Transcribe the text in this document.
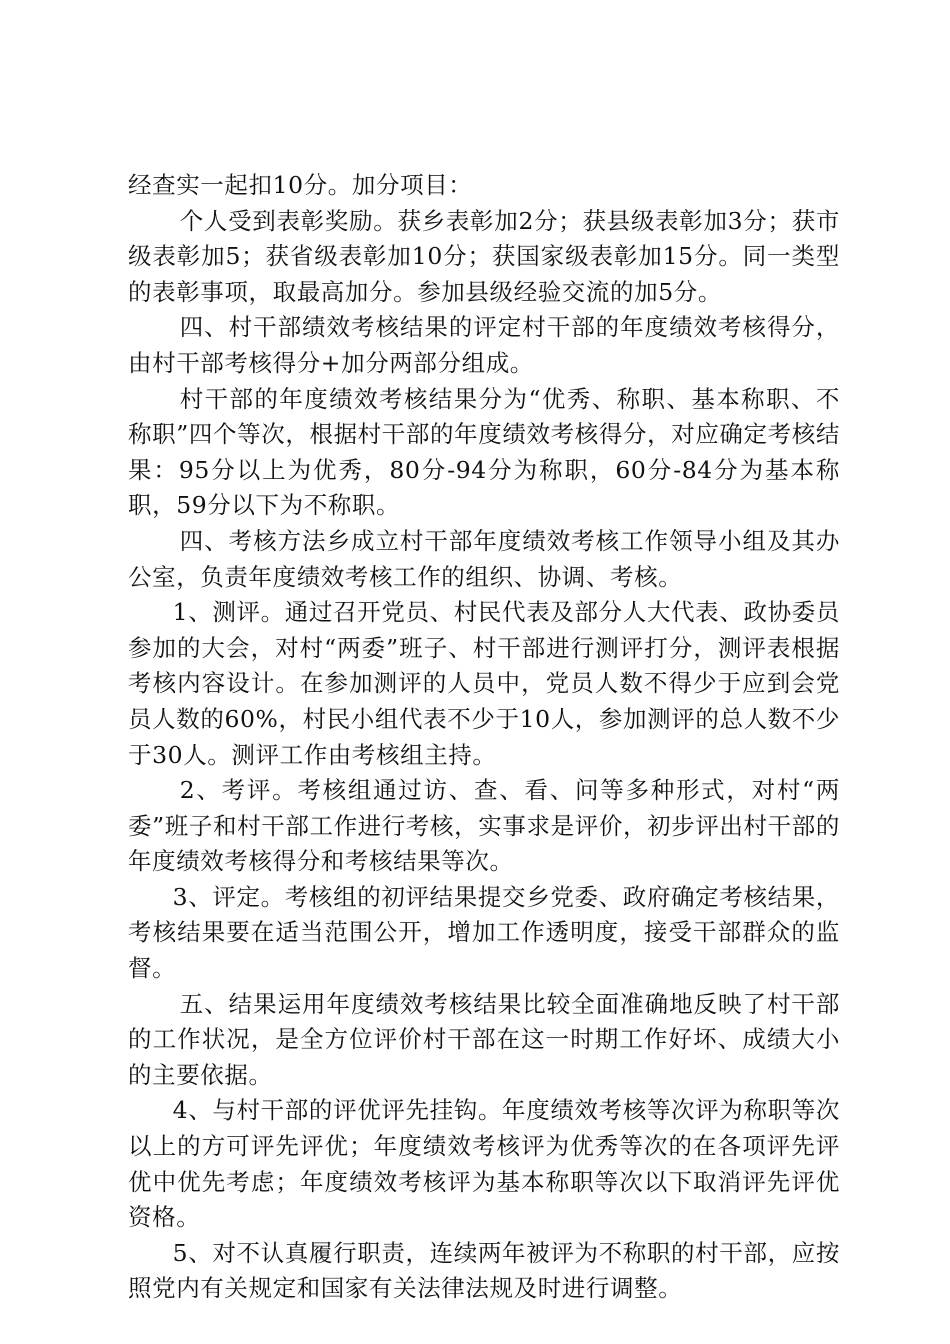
经查实一起扣10分。加分项目：

个人受到表彰奖励。获乡表彰加2分；获县级表彰加3分；获市级表彰加5；获省级表彰加10分；获国家级表彰加15分。同一类型的表彰事项，取最高加分。参加县级经验交流的加5分。

四、村干部绩效考核结果的评定村干部的年度绩效考核得分，由村干部考核得分+加分两部分组成。

村干部的年度绩效考核结果分为“优秀、称职、基本称职、不称职”四个等次，根据村干部的年度绩效考核得分，对应确定考核结果：95分以上为优秀，80分-94分为称职，60分-84分为基本称职，59分以下为不称职。

四、考核方法乡成立村干部年度绩效考核工作领导小组及其办公室，负责年度绩效考核工作的组织、协调、考核。

1、测评。通过召开党员、村民代表及部分人大代表、政协委员参加的大会，对村“两委”班子、村干部进行测评打分，测评表根据考核内容设计。在参加测评的人员中，党员人数不得少于应到会党员人数的60%，村民小组代表不少于10人，参加测评的总人数不少于30人。测评工作由考核组主持。

2、考评。考核组通过访、查、看、问等多种形式，对村“两委”班子和村干部工作进行考核，实事求是评价，初步评出村干部的年度绩效考核得分和考核结果等次。

3、评定。考核组的初评结果提交乡党委、政府确定考核结果，考核结果要在适当范围公开，增加工作透明度，接受干部群众的监督。

五、结果运用年度绩效考核结果比较全面准确地反映了村干部的工作状况，是全方位评价村干部在这一时期工作好坏、成绩大小的主要依据。

4、与村干部的评优评先挂钩。年度绩效考核等次评为称职等次以上的方可评先评优；年度绩效考核评为优秀等次的在各项评先评优中优先考虑；年度绩效考核评为基本称职等次以下取消评先评优资格。

5、对不认真履行职责，连续两年被评为不称职的村干部，应按照党内有关规定和国家有关法律法规及时进行调整。
